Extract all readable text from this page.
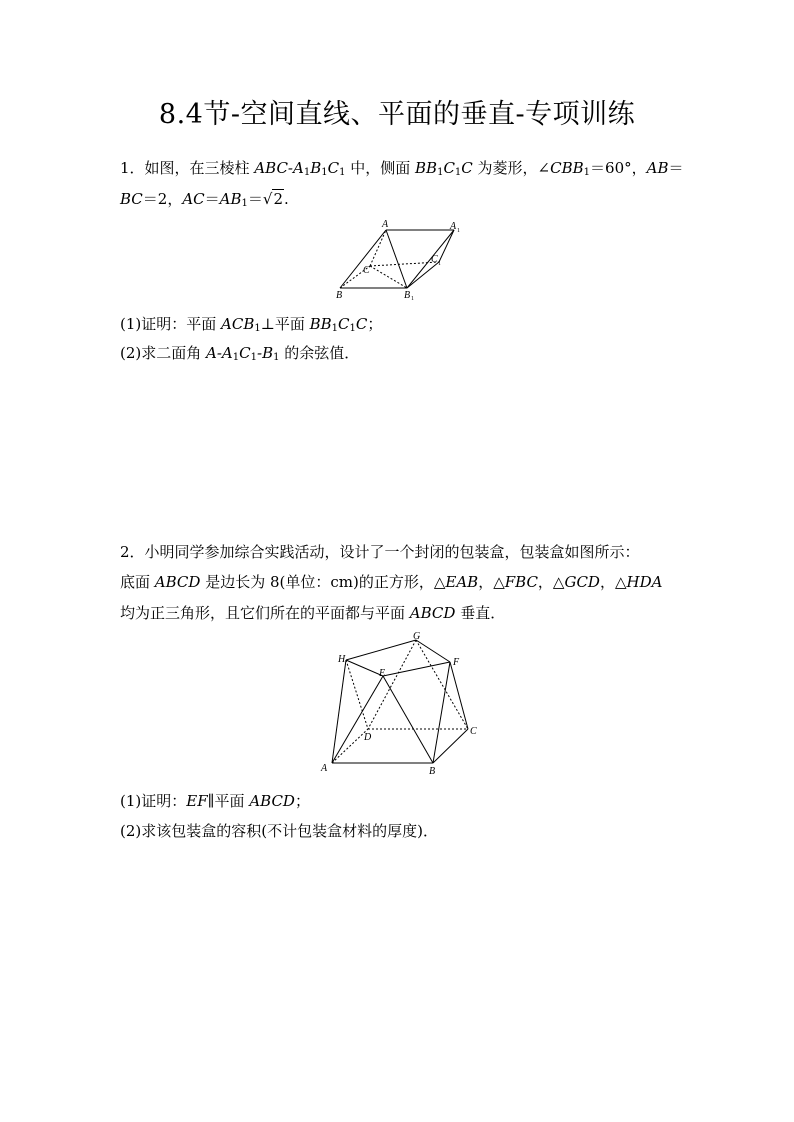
8.4节-空间直线、平面的垂直-专项训练
1．如图，在三棱柱 ABC-$A_1B_1C_1$ 中，侧面 $BB_1C_1C$ 为菱形，$\angle CBB_1=60^\circ$，AB＝
BC＝2，$AC=AB_1=√2$.
A	A 1
C
C 1
B	B 1
(1)证明：平面 $ACB_1\perp$平面 $BB_1C_1C$；
(2)求二面角 $A-A_1C_1-B_1$ 的余弦值．
2．小明同学参加综合实践活动，设计了一个封闭的包装盒，包装盒如图所示：
底面 ABCD 是边长为 8(单位：cm)的正方形，△EAB，△FBC，△GCD，△HDA
均为正三角形，且它们所在的平面都与平面 ABCD 垂直．
G
H
E
F
D
C
A	B
(1)证明：EF∥平面 ABCD；
(2)求该包装盒的容积(不计包装盒材料的厚度)．
